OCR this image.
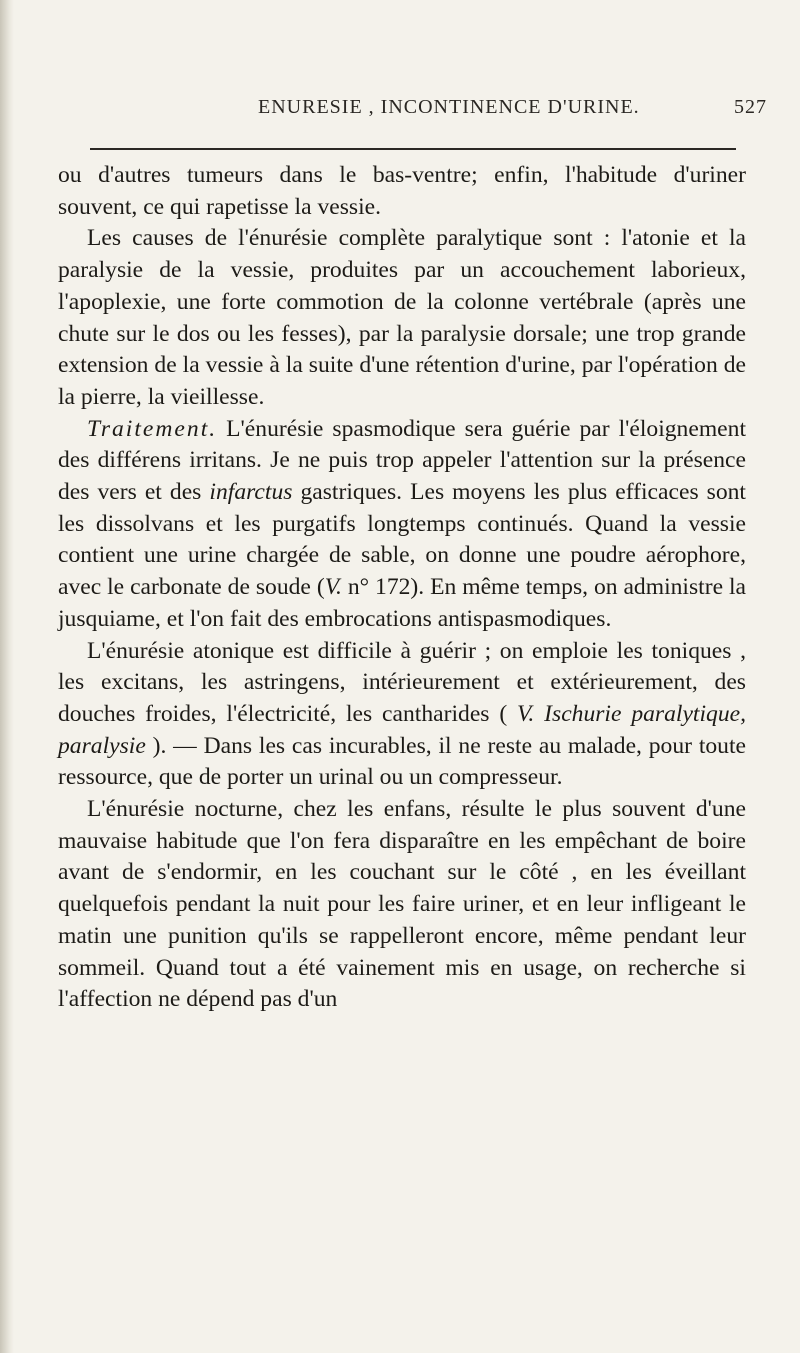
ENURESIE , INCONTINENCE D'URINE.	527

ou d'autres tumeurs dans le bas-ventre; enfin, l'habitude d'uriner souvent, ce qui rapetisse la vessie.

Les causes de l'énurésie complète paralytique sont : l'atonie et la paralysie de la vessie, produites par un accouchement laborieux, l'apoplexie, une forte commotion de la colonne vertébrale (après une chute sur le dos ou les fesses), par la paralysie dorsale; une trop grande extension de la vessie à la suite d'une rétention d'urine, par l'opération de la pierre, la vieillesse.

Traitement. L'énurésie spasmodique sera guérie par l'éloignement des différens irritans. Je ne puis trop appeler l'attention sur la présence des vers et des infarctus gastriques. Les moyens les plus efficaces sont les dissolvans et les purgatifs longtemps continués. Quand la vessie contient une urine chargée de sable, on donne une poudre aérophore, avec le carbonate de soude (V. n° 172). En même temps, on administre la jusquiame, et l'on fait des embrocations antispasmodiques.

L'énurésie atonique est difficile à guérir ; on emploie les toniques , les excitans, les astringens, intérieurement et extérieurement, des douches froides, l'électricité, les cantharides ( V. Ischurie paralytique, paralysie ). — Dans les cas incurables, il ne reste au malade, pour toute ressource, que de porter un urinal ou un compresseur.

L'énurésie nocturne, chez les enfans, résulte le plus souvent d'une mauvaise habitude que l'on fera disparaître en les empêchant de boire avant de s'endormir, en les couchant sur le côté , en les éveillant quelquefois pendant la nuit pour les faire uriner, et en leur infligeant le matin une punition qu'ils se rappelleront encore, même pendant leur sommeil. Quand tout a été vainement mis en usage, on recherche si l'affection ne dépend pas d'un
